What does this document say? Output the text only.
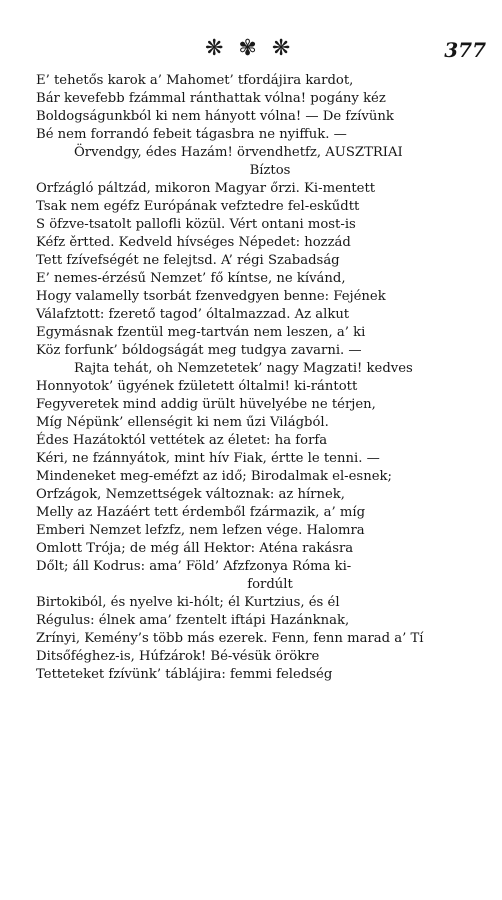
❋ ✾ ❋	377
E’ tehetős karok a’ Mahomet’ tfordájira kardot,
Bár kevefebb fzámmal ránthattak vólna! pogány kéz
Boldogságunkból ki nem hányott vólna! — De fzívünk
Bé nem forrandó febeit tágasbra ne nyiffuk. —
Örvendgy, édes Hazám! örvendhetfz, AUSZTRIAI
Bíztos
Orfzágló páltzád, mikoron Magyar őrzi. Ki-mentett
Tsak nem egéfz Európának vefztedre fel-eskűdtt
S öfzve-tsatolt pallofli közül. Vért ontani most-is
Kéfz ěrtted. Kedveld hívséges Népedet: hozzád
Tett fzívefségét ne felejtsd. A’ régi Szabadság
E’ nemes-érzésű Nemzet’ fő kíntse, ne kívánd,
Hogy valamelly tsorbát fzenvedgyen benne: Fejének
Válafztott: fzerető tagod’ óltalmazzad. Az alkut
Egymásnak fzentül meg-tartván nem leszen, a’ ki
Köz forfunk’ bóldogságát meg tudgya zavarni. —
Rajta tehát, oh Nemzetetek’ nagy Magzati! kedves
Honnyotok’ ügyének fzületett óltalmi! ki-rántott
Fegyveretek mind addig ürült hüvelyébe ne térjen,
Míg Népünk’ ellenségit ki nem űzi Világból.
Édes Hazátoktól vettétek az életet: ha forfa
Kéri, ne fzánnyátok, mint hív Fiak, értte le tenni. —
Mindeneket meg-eméfzt az idő; Birodalmak el-esnek;
Orfzágok, Nemzettségek változnak: az hírnek,
Melly az Hazáért tett érdemből fzármazik, a’ míg
Emberi Nemzet lefzfz, nem lefzen vége. Halomra
Omlott Trója; de még áll Hektor: Aténa rakásra
Dőlt; áll Kodrus: ama’ Föld’ Afzfzonya Róma ki-
fordúlt
Birtokiból, és nyelve ki-hólt; él Kurtzius, és él
Régulus: élnek ama’ fzentelt iftápi Hazánknak,
Zrínyi, Kemény’s több más ezerek. Fenn, fenn marad a’ Tí
Ditsőféghez-is, Húfzárok! Bé-vésük örökre
Tetteteket fzívünk’ táblájira: femmi feledség
